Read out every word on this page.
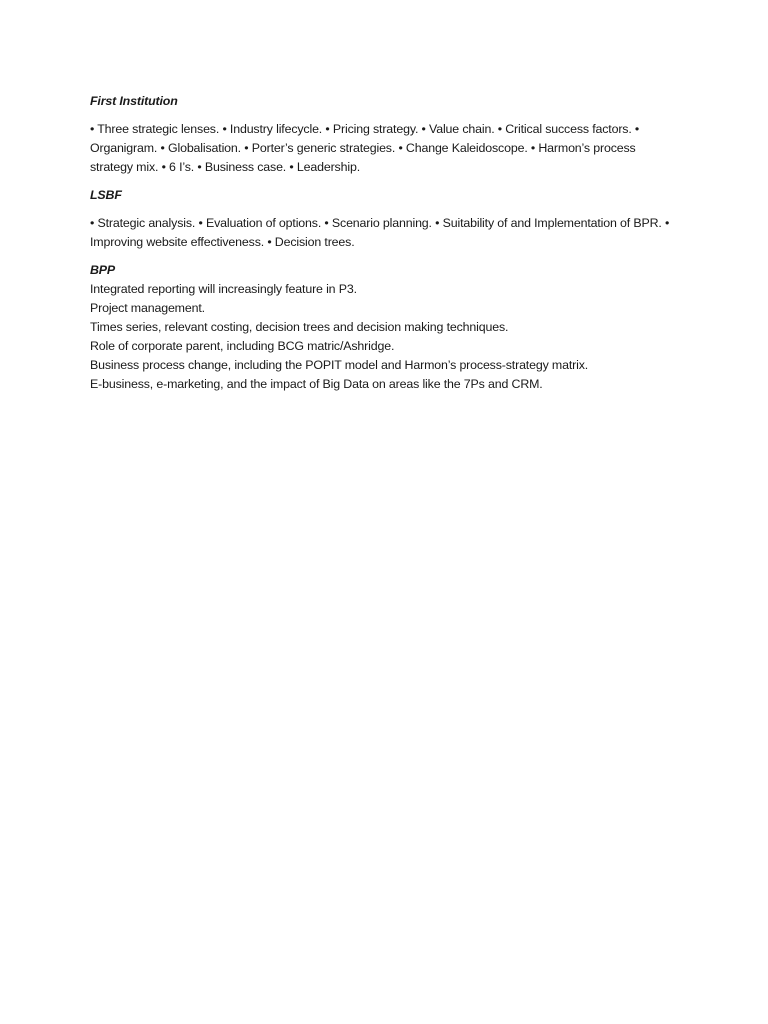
First Institution

• Three strategic lenses. • Industry lifecycle. • Pricing strategy. • Value chain. • Critical success factors. • Organigram. • Globalisation. • Porter’s generic strategies. • Change Kaleidoscope. • Harmon’s process strategy mix. • 6 I’s. • Business case. • Leadership.

LSBF

• Strategic analysis. • Evaluation of options. • Scenario planning. • Suitability of and Implementation of BPR. • Improving website effectiveness. • Decision trees.

BPP

Integrated reporting will increasingly feature in P3.
Project management.
Times series, relevant costing, decision trees and decision making techniques.
Role of corporate parent, including BCG matric/Ashridge.
Business process change, including the POPIT model and Harmon’s process-strategy matrix.
E-business, e-marketing, and the impact of Big Data on areas like the 7Ps and CRM.
